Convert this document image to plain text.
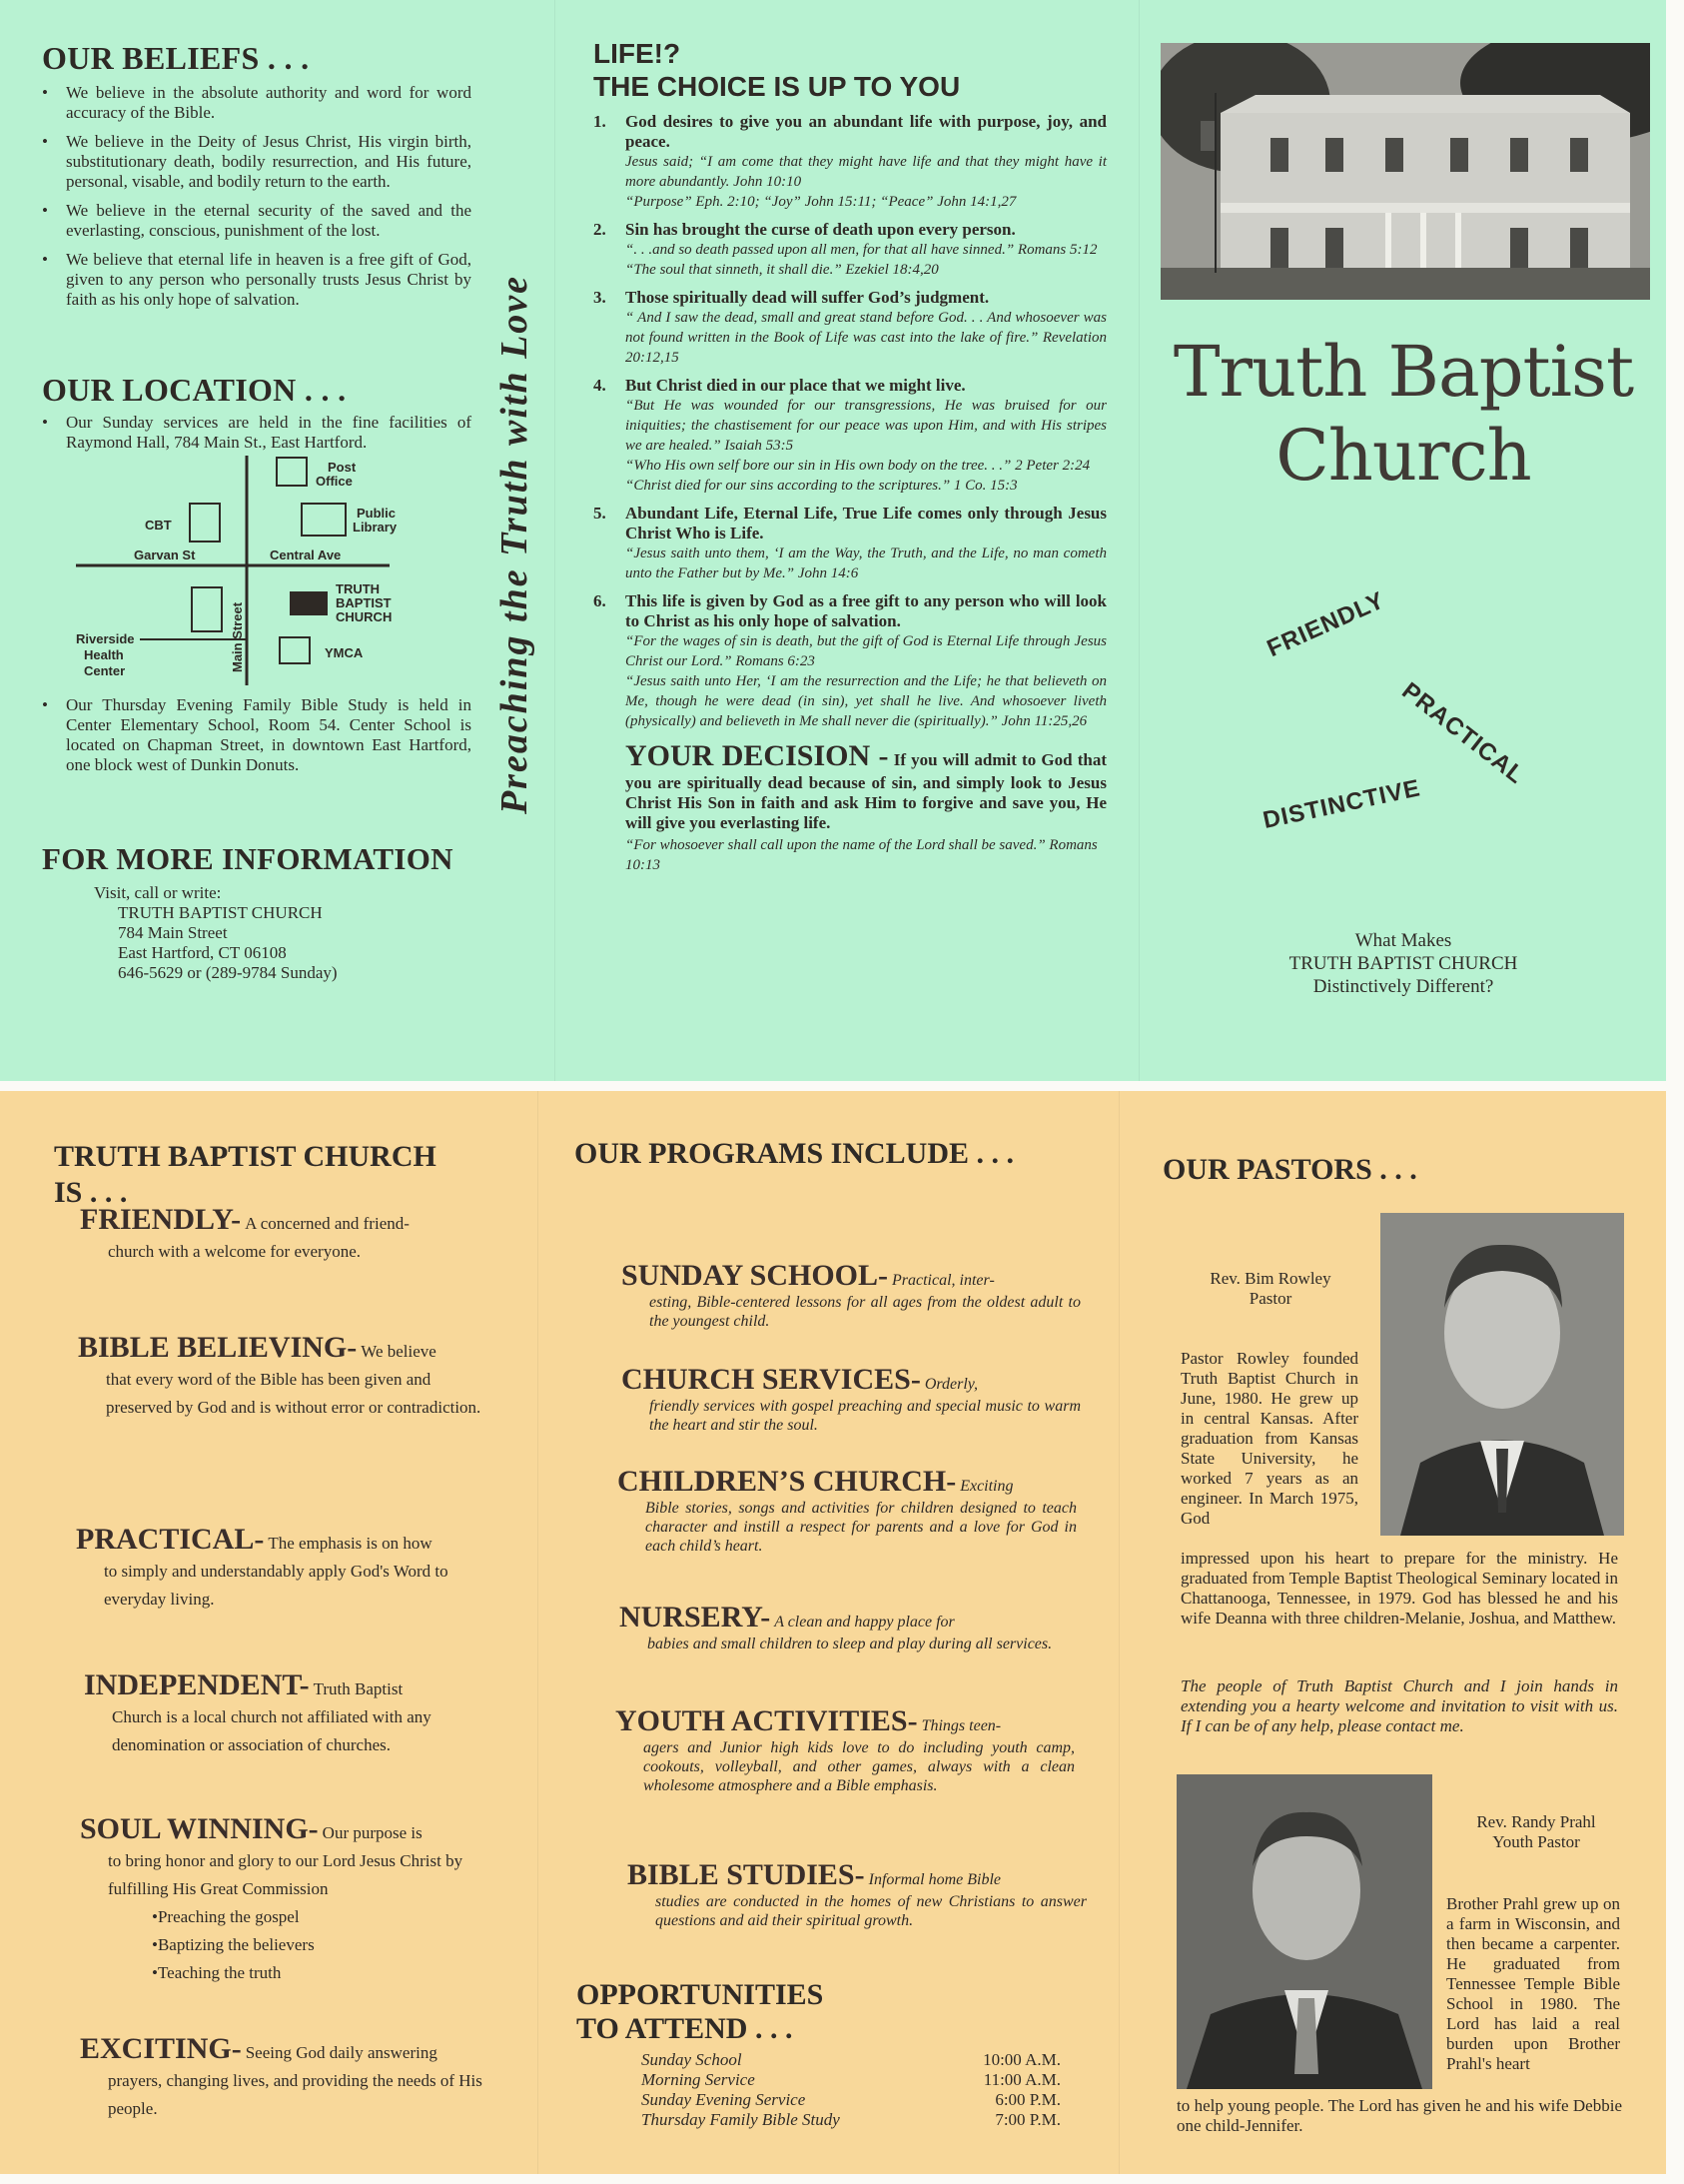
OUR BELIEFS . . .
• We believe in the absolute authority and word for word accuracy of the Bible.
• We believe in the Deity of Jesus Christ, His virgin birth, substitutionary death, bodily resurrection, and His future, personal, visable, and bodily return to the earth.
• We believe in the eternal security of the saved and the everlasting, conscious, punishment of the lost.
• We believe that eternal life in heaven is a free gift of God, given to any person who personally trusts Jesus Christ by faith as his only hope of salvation.
OUR LOCATION . . .
• Our Sunday services are held in the fine facilities of Raymond Hall, 784 Main St., East Hartford.
Post
Office
Public
Library
CBT
Garvan St	Central Ave
Main Street
TRUTH
BAPTIST
CHURCH
Riverside
Health
Center
YMCA
• Our Thursday Evening Family Bible Study is held in Center Elementary School, Room 54. Center School is located on Chapman Street, in downtown East Hartford, one block west of Dunkin Donuts.
FOR MORE INFORMATION
Visit, call or write:
TRUTH BAPTIST CHURCH
784 Main Street
East Hartford, CT 06108
646-5629 or (289-9784 Sunday)
Preaching the Truth with Love
LIFE!?
THE CHOICE IS UP TO YOU
1. God desires to give you an abundant life with purpose, joy, and peace.
Jesus said; “I am come that they might have life and that they might have it more abundantly. John 10:10
“Purpose” Eph. 2:10; “Joy” John 15:11; “Peace” John 14:1,27
2. Sin has brought the curse of death upon every person.
“. . .and so death passed upon all men, for that all have sinned.” Romans 5:12
“The soul that sinneth, it shall die.” Ezekiel 18:4,20
3. Those spiritually dead will suffer God’s judgment.
“ And I saw the dead, small and great stand before God. . . And whosoever was not found written in the Book of Life was cast into the lake of fire.” Revelation 20:12,15
4. But Christ died in our place that we might live.
“But He was wounded for our transgressions, He was bruised for our iniquities; the chastisement for our peace was upon Him, and with His stripes we are healed.” Isaiah 53:5
“Who His own self bore our sin in His own body on the tree. . .” 2 Peter 2:24
“Christ died for our sins according to the scriptures.” 1 Co. 15:3
5. Abundant Life, Eternal Life, True Life comes only through Jesus Christ Who is Life.
“Jesus saith unto them, ‘I am the Way, the Truth, and the Life, no man cometh unto the Father but by Me.” John 14:6
6. This life is given by God as a free gift to any person who will look to Christ as his only hope of salvation.
“For the wages of sin is death, but the gift of God is Eternal Life through Jesus Christ our Lord.” Romans 6:23
“Jesus saith unto Her, ‘I am the resurrection and the Life; he that believeth on Me, though he were dead (in sin), yet shall he live. And whosoever liveth (physically) and believeth in Me shall never die (spiritually).” John 11:25,26
YOUR DECISION - If you will admit to God that you are spiritually dead because of sin, and simply look to Jesus Christ His Son in faith and ask Him to forgive and save you, He will give you everlasting life.
“For whosoever shall call upon the name of the Lord shall be saved.” Romans 10:13
Truth Baptist
Church
FRIENDLY
PRACTICAL
DISTINCTIVE
What Makes
TRUTH BAPTIST CHURCH
Distinctively Different?
TRUTH BAPTIST CHURCH
IS . . .
FRIENDLY- A concerned and friend-
church with a welcome for everyone.
BIBLE BELIEVING- We believe
that every word of the Bible has been given and preserved by God and is without error or contradiction.
PRACTICAL- The emphasis is on how
to simply and understandably apply God's Word to everyday living.
INDEPENDENT- Truth Baptist
Church is a local church not affiliated with any denomination or association of churches.
SOUL WINNING- Our purpose is
to bring honor and glory to our Lord Jesus Christ by fulfilling His Great Commission
•Preaching the gospel
•Baptizing the believers
•Teaching the truth
EXCITING- Seeing God daily answering
prayers, changing lives, and providing the needs of His people.
OUR PROGRAMS INCLUDE . . .
SUNDAY SCHOOL- Practical, inter-
esting, Bible-centered lessons for all ages from the oldest adult to the youngest child.
CHURCH SERVICES- Orderly,
friendly services with gospel preaching and special music to warm the heart and stir the soul.
CHILDREN’S CHURCH- Exciting
Bible stories, songs and activities for children designed to teach character and instill a respect for parents and a love for God in each child’s heart.
NURSERY- A clean and happy place for
babies and small children to sleep and play during all services.
YOUTH ACTIVITIES- Things teen-
agers and Junior high kids love to do including youth camp, cookouts, volleyball, and other games, always with a clean wholesome atmosphere and a Bible emphasis.
BIBLE STUDIES- Informal home Bible
studies are conducted in the homes of new Christians to answer questions and aid their spiritual growth.
OPPORTUNITIES
TO ATTEND . . .
Sunday School	10:00 A.M.
Morning Service	11:00 A.M.
Sunday Evening Service	6:00 P.M.
Thursday Family Bible Study	7:00 P.M.
OUR PASTORS . . .
Rev. Bim Rowley
Pastor
Pastor Rowley founded Truth Baptist Church in June, 1980. He grew up in central Kansas. After graduation from Kansas State University, he worked 7 years as an engineer. In March 1975, God
impressed upon his heart to prepare for the ministry. He graduated from Temple Baptist Theological Seminary located in Chattanooga, Tennessee, in 1979. God has blessed he and his wife Deanna with three children-Melanie, Joshua, and Matthew.
The people of Truth Baptist Church and I join hands in extending you a hearty welcome and invitation to visit with us. If I can be of any help, please contact me.
Rev. Randy Prahl
Youth Pastor
Brother Prahl grew up on a farm in Wisconsin, and then became a carpenter. He graduated from Tennessee Temple Bible School in 1980. The Lord has laid a real burden upon Brother Prahl's heart
to help young people. The Lord has given he and his wife Debbie one child-Jennifer.
